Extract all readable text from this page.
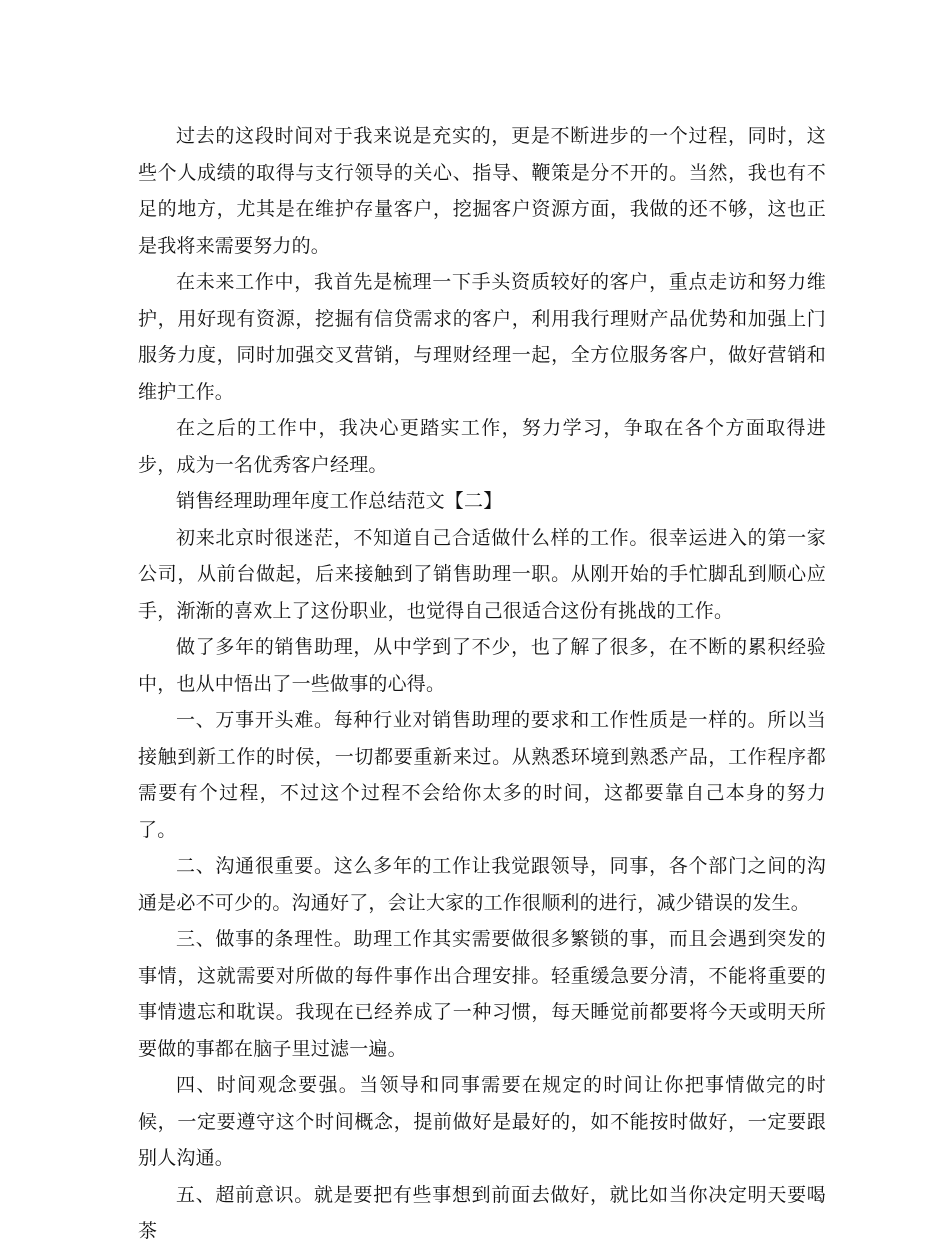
过去的这段时间对于我来说是充实的，更是不断进步的一个过程，同时，这些个人成绩的取得与支行领导的关心、指导、鞭策是分不开的。当然，我也有不足的地方，尤其是在维护存量客户，挖掘客户资源方面，我做的还不够，这也正是我将来需要努力的。

在未来工作中，我首先是梳理一下手头资质较好的客户，重点走访和努力维护，用好现有资源，挖掘有信贷需求的客户，利用我行理财产品优势和加强上门服务力度，同时加强交叉营销，与理财经理一起，全方位服务客户，做好营销和维护工作。

在之后的工作中，我决心更踏实工作，努力学习，争取在各个方面取得进步，成为一名优秀客户经理。

销售经理助理年度工作总结范文【二】

初来北京时很迷茫，不知道自己合适做什么样的工作。很幸运进入的第一家公司，从前台做起，后来接触到了销售助理一职。从刚开始的手忙脚乱到顺心应手，渐渐的喜欢上了这份职业，也觉得自己很适合这份有挑战的工作。

做了多年的销售助理，从中学到了不少，也了解了很多，在不断的累积经验中，也从中悟出了一些做事的心得。

一、万事开头难。每种行业对销售助理的要求和工作性质是一样的。所以当接触到新工作的时侯，一切都要重新来过。从熟悉环境到熟悉产品，工作程序都需要有个过程，不过这个过程不会给你太多的时间，这都要靠自己本身的努力了。

二、沟通很重要。这么多年的工作让我觉跟领导，同事，各个部门之间的沟通是必不可少的。沟通好了，会让大家的工作很顺利的进行，减少错误的发生。

三、做事的条理性。助理工作其实需要做很多繁锁的事，而且会遇到突发的事情，这就需要对所做的每件事作出合理安排。轻重缓急要分清，不能将重要的事情遗忘和耽误。我现在已经养成了一种习惯，每天睡觉前都要将今天或明天所要做的事都在脑子里过滤一遍。

四、时间观念要强。当领导和同事需要在规定的时间让你把事情做完的时候，一定要遵守这个时间概念，提前做好是最好的，如不能按时做好，一定要跟别人沟通。

五、超前意识。就是要把有些事想到前面去做好，就比如当你决定明天要喝茶
